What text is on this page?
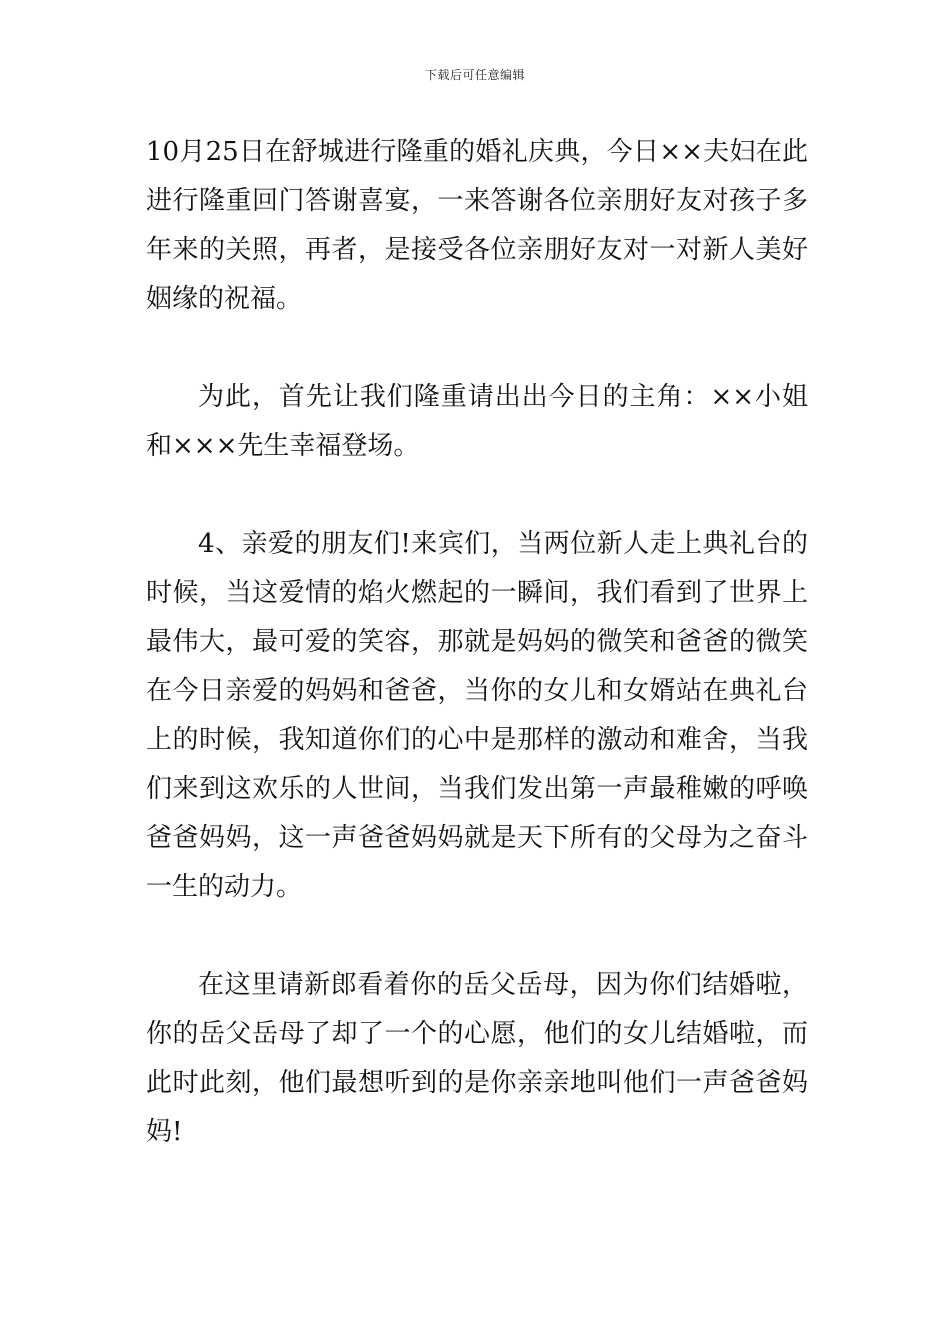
下载后可任意编辑

10月25日在舒城进行隆重的婚礼庆典，今日××夫妇在此进行隆重回门答谢喜宴，一来答谢各位亲朋好友对孩子多年来的关照，再者，是接受各位亲朋好友对一对新人美好姻缘的祝福。

为此，首先让我们隆重请出出今日的主角：××小姐和×××先生幸福登场。

4、亲爱的朋友们!来宾们，当两位新人走上典礼台的时候，当这爱情的焰火燃起的一瞬间，我们看到了世界上最伟大，最可爱的笑容，那就是妈妈的微笑和爸爸的微笑在今日亲爱的妈妈和爸爸，当你的女儿和女婿站在典礼台上的时候，我知道你们的心中是那样的激动和难舍，当我们来到这欢乐的人世间，当我们发出第一声最稚嫩的呼唤爸爸妈妈，这一声爸爸妈妈就是天下所有的父母为之奋斗一生的动力。

在这里请新郎看着你的岳父岳母，因为你们结婚啦，你的岳父岳母了却了一个的心愿，他们的女儿结婚啦，而此时此刻，他们最想听到的是你亲亲地叫他们一声爸爸妈妈!
